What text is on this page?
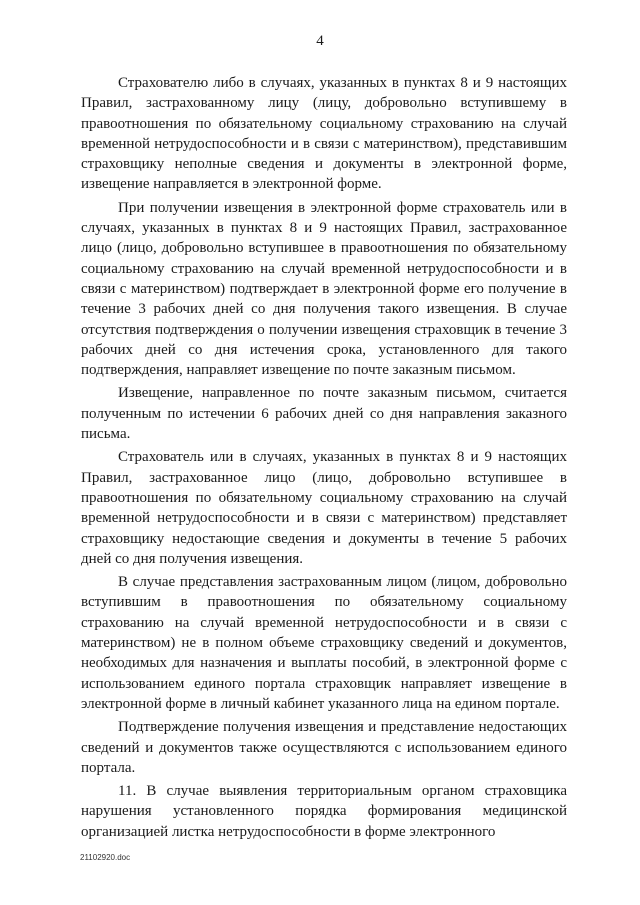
4

Страхователю либо в случаях, указанных в пунктах 8 и 9 настоящих Правил, застрахованному лицу (лицу, добровольно вступившему в правоотношения по обязательному социальному страхованию на случай временной нетрудоспособности и в связи с материнством), представившим страховщику неполные сведения и документы в электронной форме, извещение направляется в электронной форме.

При получении извещения в электронной форме страхователь или в случаях, указанных в пунктах 8 и 9 настоящих Правил, застрахованное лицо (лицо, добровольно вступившее в правоотношения по обязательному социальному страхованию на случай временной нетрудоспособности и в связи с материнством) подтверждает в электронной форме его получение в течение 3 рабочих дней со дня получения такого извещения. В случае отсутствия подтверждения о получении извещения страховщик в течение 3 рабочих дней со дня истечения срока, установленного для такого подтверждения, направляет извещение по почте заказным письмом.

Извещение, направленное по почте заказным письмом, считается полученным по истечении 6 рабочих дней со дня направления заказного письма.

Страхователь или в случаях, указанных в пунктах 8 и 9 настоящих Правил, застрахованное лицо (лицо, добровольно вступившее в правоотношения по обязательному социальному страхованию на случай временной нетрудоспособности и в связи с материнством) представляет страховщику недостающие сведения и документы в течение 5 рабочих дней со дня получения извещения.

В случае представления застрахованным лицом (лицом, добровольно вступившим в правоотношения по обязательному социальному страхованию на случай временной нетрудоспособности и в связи с материнством) не в полном объеме страховщику сведений и документов, необходимых для назначения и выплаты пособий, в электронной форме с использованием единого портала страховщик направляет извещение в электронной форме в личный кабинет указанного лица на едином портале.

Подтверждение получения извещения и представление недостающих сведений и документов также осуществляются с использованием единого портала.

11. В случае выявления территориальным органом страховщика нарушения установленного порядка формирования медицинской организацией листка нетрудоспособности в форме электронного

21102920.doc
